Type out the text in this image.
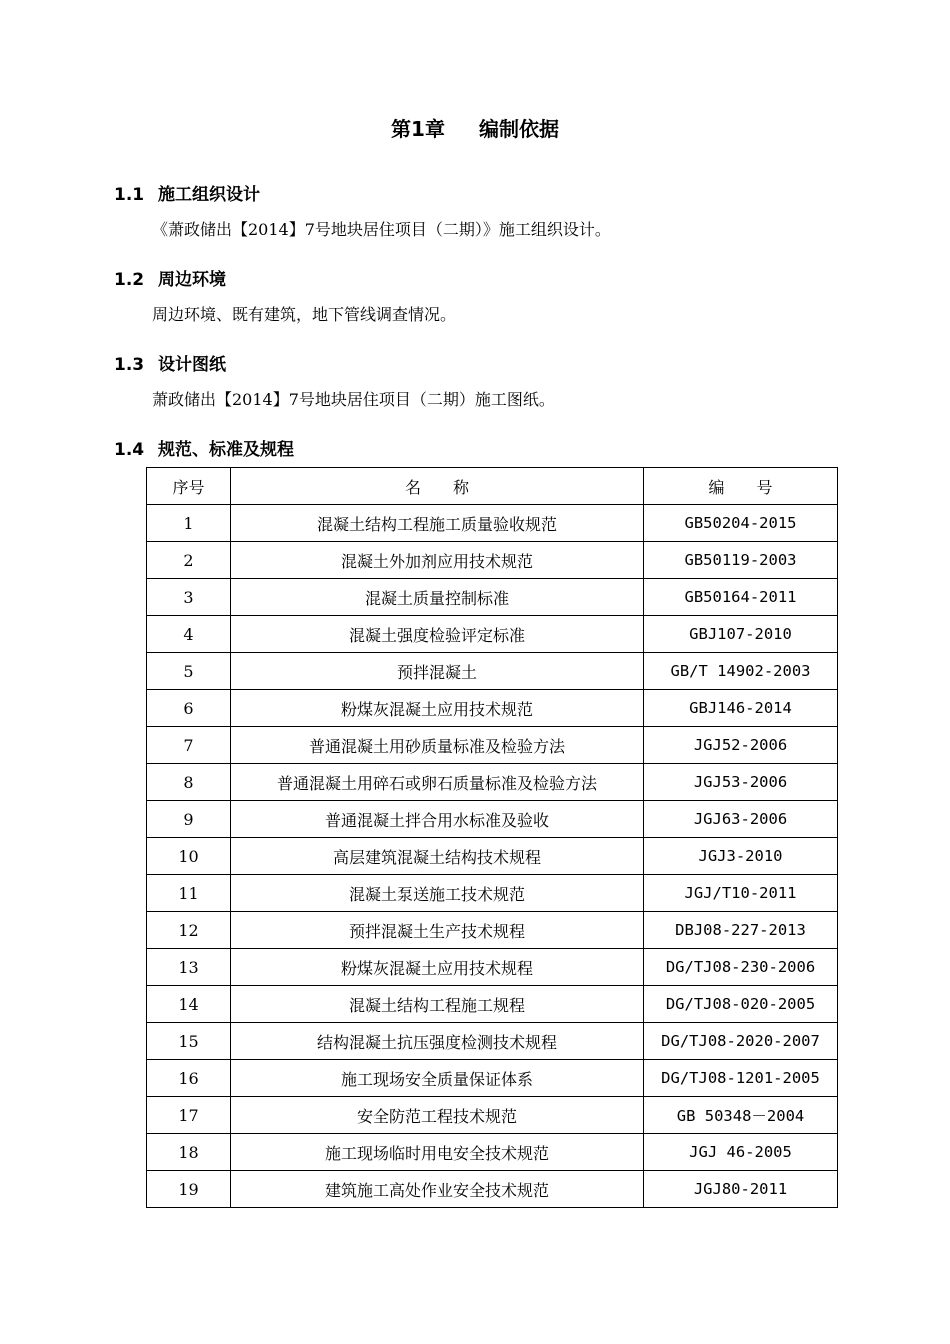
第1章 编制依据
1.1 施工组织设计
《萧政储出【2014】7号地块居住项目（二期）》施工组织设计。
1.2 周边环境
周边环境、既有建筑，地下管线调查情况。
1.3 设计图纸
萧政储出【2014】7号地块居住项目（二期）施工图纸。
1.4 规范、标准及规程
序号	名　　称	编　　号
1	混凝土结构工程施工质量验收规范	GB50204-2015
2	混凝土外加剂应用技术规范	GB50119-2003
3	混凝土质量控制标准	GB50164-2011
4	混凝土强度检验评定标准	GBJ107-2010
5	预拌混凝土	GB/T 14902-2003
6	粉煤灰混凝土应用技术规范	GBJ146-2014
7	普通混凝土用砂质量标准及检验方法	JGJ52-2006
8	普通混凝土用碎石或卵石质量标准及检验方法	JGJ53-2006
9	普通混凝土拌合用水标准及验收	JGJ63-2006
10	高层建筑混凝土结构技术规程	JGJ3-2010
11	混凝土泵送施工技术规范	JGJ/T10-2011
12	预拌混凝土生产技术规程	DBJ08-227-2013
13	粉煤灰混凝土应用技术规程	DG/TJ08-230-2006
14	混凝土结构工程施工规程	DG/TJ08-020-2005
15	结构混凝土抗压强度检测技术规程	DG/TJ08-2020-2007
16	施工现场安全质量保证体系	DG/TJ08-1201-2005
17	安全防范工程技术规范	GB 50348－2004
18	施工现场临时用电安全技术规范	JGJ 46-2005
19	建筑施工高处作业安全技术规范	JGJ80-2011
